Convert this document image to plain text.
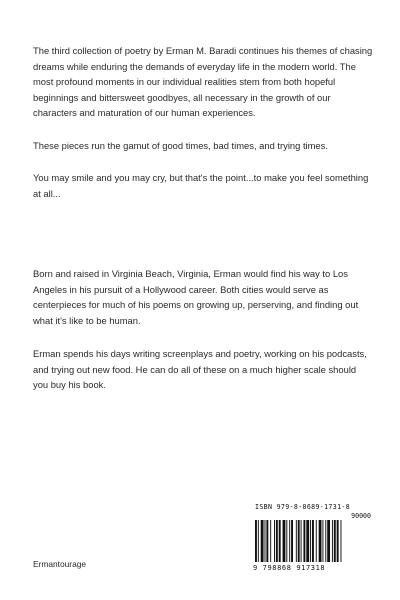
The third collection of poetry by Erman M. Baradi continues his themes of chasing dreams while enduring the demands of everyday life in the modern world. The most profound moments in our individual realities stem from both hopeful beginnings and bittersweet goodbyes, all necessary in the growth of our characters and maturation of our human experiences.

These pieces run the gamut of good times, bad times, and trying times.

You may smile and you may cry, but that's the point...to make you feel something at all...

Born and raised in Virginia Beach, Virginia, Erman would find his way to Los Angeles in his pursuit of a Hollywood career. Both cities would serve as centerpieces for much of his poems on growing up, perserving, and finding out what it's like to be human.

Erman spends his days writing screenplays and poetry, working on his podcasts, and trying out new food. He can do all of these on a much higher scale should you buy his book.

ISBN 979-8-8689-1731-8
90000
9 798868 917318
Ermantourage
